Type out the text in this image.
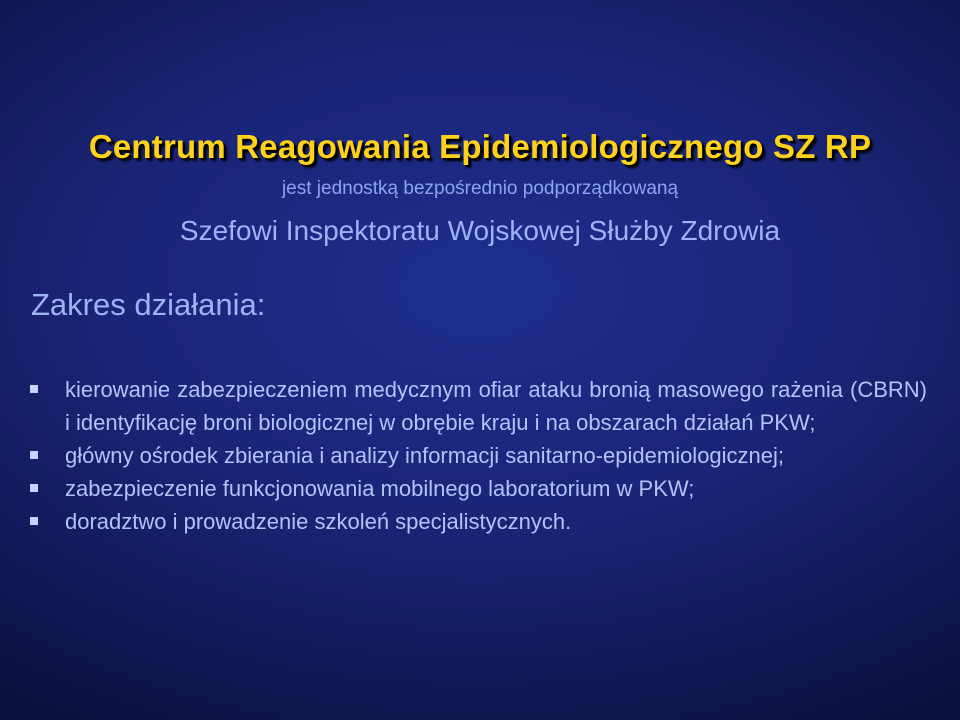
Centrum Reagowania Epidemiologicznego SZ RP
jest jednostką bezpośrednio podporządkowaną
Szefowi Inspektoratu Wojskowej Służby Zdrowia
Zakres działania:
kierowanie zabezpieczeniem medycznym ofiar ataku bronią masowego rażenia (CBRN) i identyfikację broni biologicznej w obrębie kraju i na obszarach działań PKW;
główny ośrodek zbierania i analizy informacji sanitarno-epidemiologicznej;
zabezpieczenie funkcjonowania mobilnego laboratorium w PKW;
doradztwo i prowadzenie szkoleń specjalistycznych.
